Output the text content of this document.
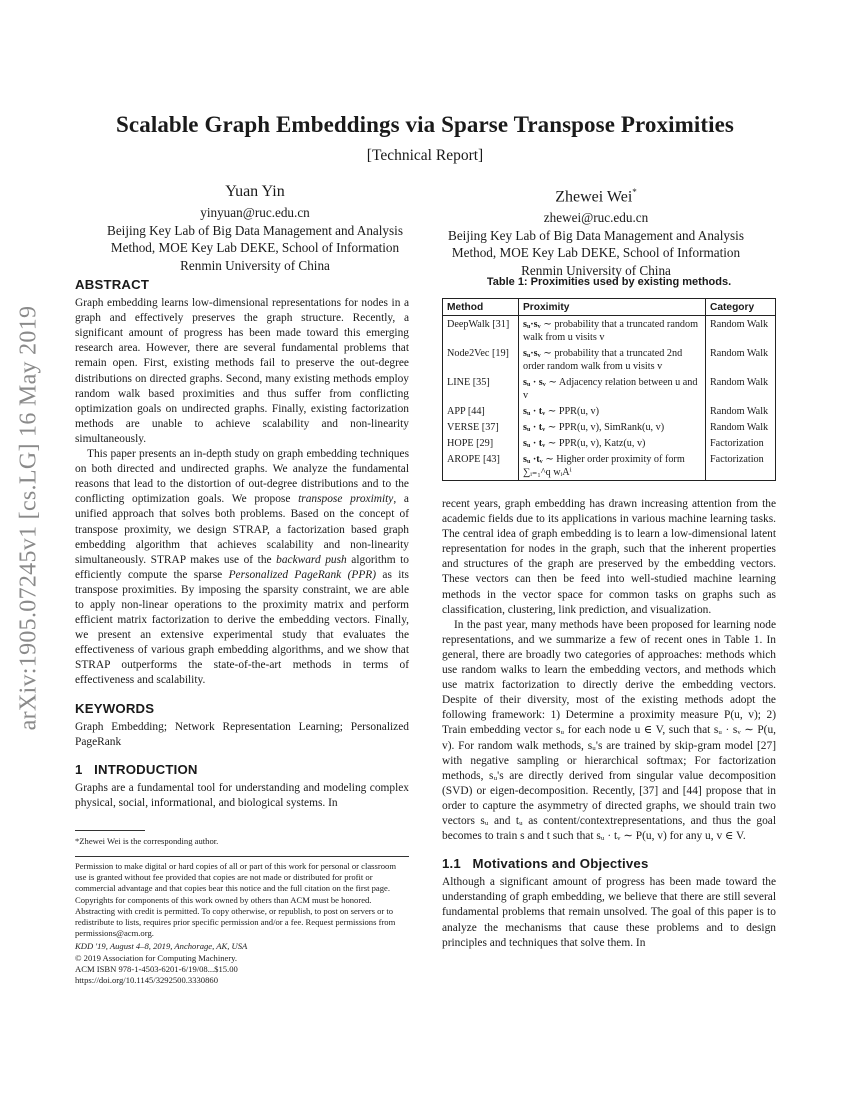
Scalable Graph Embeddings via Sparse Transpose Proximities
[Technical Report]
Yuan Yin
yinyuan@ruc.edu.cn
Beijing Key Lab of Big Data Management and Analysis
Method, MOE Key Lab DEKE, School of Information
Renmin University of China
Zhewei Wei*
zhewei@ruc.edu.cn
Beijing Key Lab of Big Data Management and Analysis
Method, MOE Key Lab DEKE, School of Information
Renmin University of China
arXiv:1905.07245v1 [cs.LG] 16 May 2019
ABSTRACT

Graph embedding learns low-dimensional representations for nodes in a graph and effectively preserves the graph structure. Recently, a significant amount of progress has been made toward this emerging research area. However, there are several fundamental problems that remain open. First, existing methods fail to preserve the out-degree distributions on directed graphs. Second, many existing methods employ random walk based proximities and thus suffer from conflicting optimization goals on undirected graphs. Finally, existing factorization methods are unable to achieve scalability and non-linearity simultaneously.

This paper presents an in-depth study on graph embedding techniques on both directed and undirected graphs. We analyze the fundamental reasons that lead to the distortion of out-degree distributions and to the conflicting optimization goals. We propose transpose proximity, a unified approach that solves both problems. Based on the concept of transpose proximity, we design STRAP, a factorization based graph embedding algorithm that achieves scalability and non-linearity simultaneously. STRAP makes use of the backward push algorithm to efficiently compute the sparse Personalized PageRank (PPR) as its transpose proximities. By imposing the sparsity constraint, we are able to apply non-linear operations to the proximity matrix and perform efficient matrix factorization to derive the embedding vectors. Finally, we present an extensive experimental study that evaluates the effectiveness of various graph embedding algorithms, and we show that STRAP outperforms the state-of-the-art methods in terms of effectiveness and scalability.

KEYWORDS

Graph Embedding; Network Representation Learning; Personalized PageRank

1 INTRODUCTION

Graphs are a fundamental tool for understanding and modeling complex physical, social, informational, and biological systems. In

*Zhewei Wei is the corresponding author.
Permission to make digital or hard copies of all or part of this work for personal or classroom use is granted without fee provided that copies are not made or distributed for profit or commercial advantage and that copies bear this notice and the full citation on the first page. Copyrights for components of this work owned by others than ACM must be honored. Abstracting with credit is permitted. To copy otherwise, or republish, to post on servers or to redistribute to lists, requires prior specific permission and/or a fee. Request permissions from permissions@acm.org.
KDD '19, August 4–8, 2019, Anchorage, AK, USA
© 2019 Association for Computing Machinery.
ACM ISBN 978-1-4503-6201-6/19/08...$15.00
https://doi.org/10.1145/3292500.3330860
Table 1: Proximities used by existing methods.
Method	Proximity	Category
DeepWalk [31]	sᵤ·sᵥ ∼ probability that a truncated random walk from u visits v	Random Walk
Node2Vec [19]	sᵤ·sᵥ ∼ probability that a truncated 2nd order random walk from u visits v	Random Walk
LINE [35]	sᵤ · sᵥ ∼ Adjacency relation between u and v	Random Walk
APP [44]	sᵤ · tᵥ ∼ PPR(u, v)	Random Walk
VERSE [37]	sᵤ · tᵥ ∼ PPR(u, v), SimRank(u, v)	Random Walk
HOPE [29]	sᵤ · tᵥ ∼ PPR(u, v), Katz(u, v)	Factorization
AROPE [43]	sᵤ ·tᵥ ∼ Higher order proximity of form ∑ᵢ₌₁^q wᵢAⁱ	Factorization

recent years, graph embedding has drawn increasing attention from the academic fields due to its applications in various machine learning tasks. The central idea of graph embedding is to learn a low-dimensional latent representation for nodes in the graph, such that the inherent properties and structures of the graph are preserved by the embedding vectors. These vectors can then be feed into well-studied machine learning methods in the vector space for common tasks on graphs such as classification, clustering, link prediction, and visualization.

In the past year, many methods have been proposed for learning node representations, and we summarize a few of recent ones in Table 1. In general, there are broadly two categories of approaches: methods which use random walks to learn the embedding vectors, and methods which use matrix factorization to directly derive the embedding vectors. Despite of their diversity, most of the existing methods adopt the following framework: 1) Determine a proximity measure P(u, v); 2) Train embedding vector sᵤ for each node u ∈ V, such that sᵤ · sᵥ ∼ P(u, v). For random walk methods, sᵤ's are trained by skip-gram model [27] with negative sampling or hierarchical softmax; For factorization methods, sᵤ's are directly derived from singular value decomposition (SVD) or eigen-decomposition. Recently, [37] and [44] propose that in order to capture the asymmetry of directed graphs, we should train two vectors sᵤ and tᵤ as content/contextrepresentations, and thus the goal becomes to train s and t such that sᵤ · tᵥ ∼ P(u, v) for any u, v ∈ V.

1.1 Motivations and Objectives

Although a significant amount of progress has been made toward the understanding of graph embedding, we believe that there are still several fundamental problems that remain unsolved. The goal of this paper is to analyze the mechanisms that cause these problems and to design principles and techniques that solve them. In
